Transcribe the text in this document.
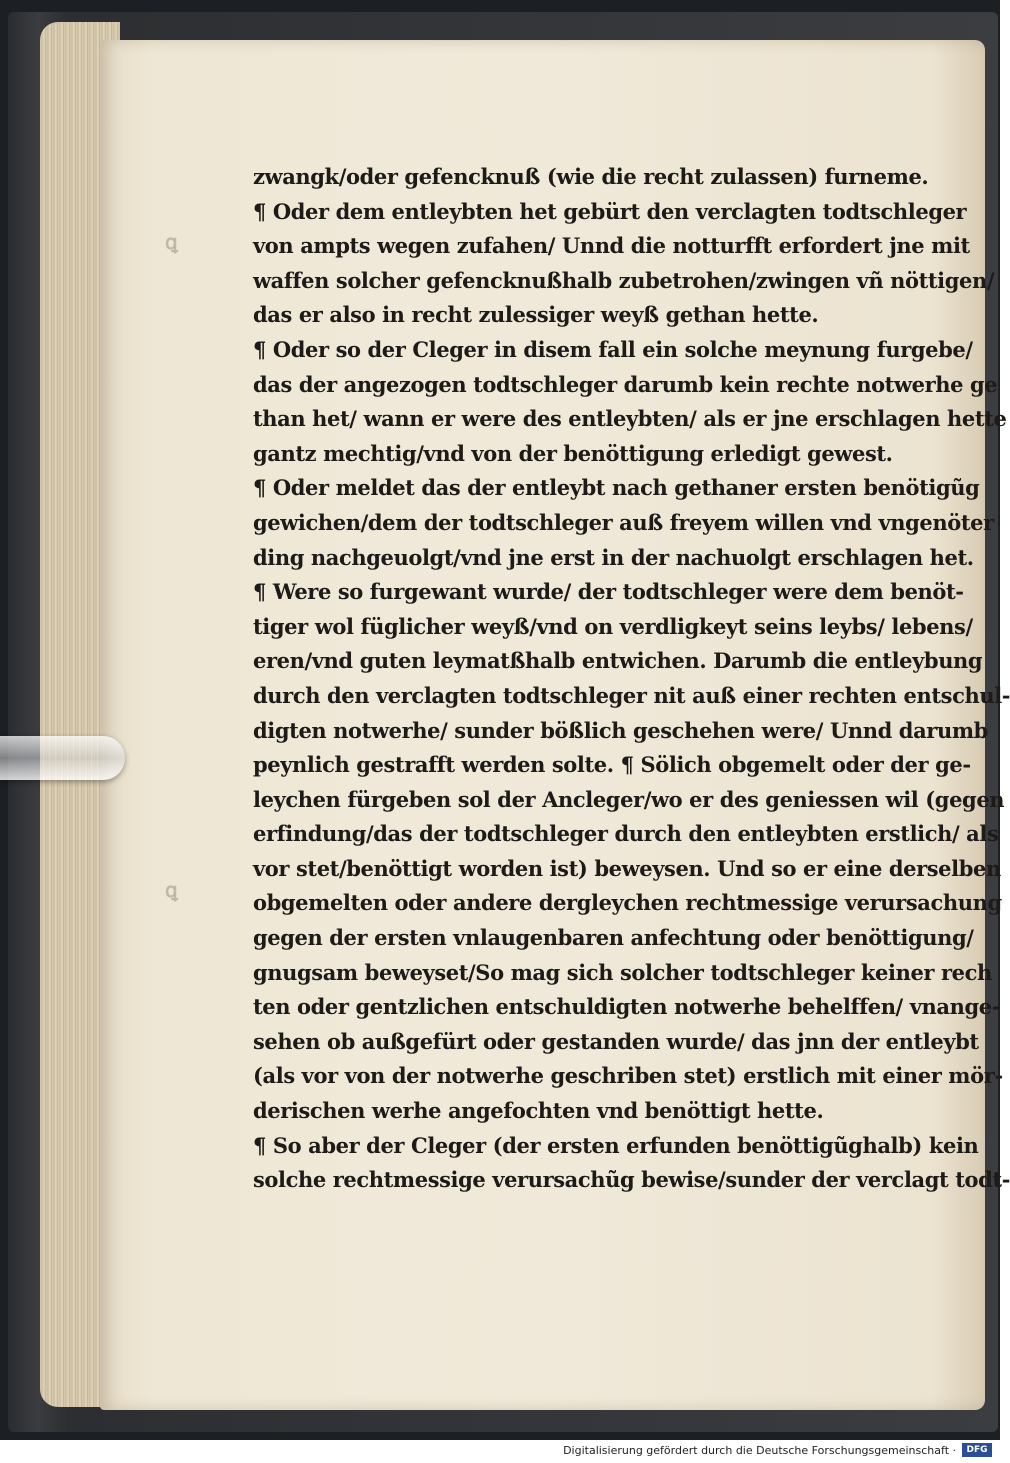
ꝗ
ꝗ
zwangk/oder gefencknuß (wie die recht zulassen) furneme.
¶ Oder dem entleybten het gebürt den verclagten todtschleger
von ampts wegen zufahen/ Unnd die notturfft erfordert jne mit
waffen solcher gefencknußhalb zubetrohen/zwingen vñ nöttigen/
das er also in recht zulessiger weyß gethan hette.
¶ Oder so der Cleger in disem fall ein solche meynung furgebe/
das der angezogen todtschleger darumb kein rechte notwerhe ge
than het/ wann er were des entleybten/ als er jne erschlagen hette
gantz mechtig/vnd von der benöttigung erledigt gewest.
¶ Oder meldet das der entleybt nach gethaner ersten benötigũg
gewichen/dem der todtschleger auß freyem willen vnd vngenöter
ding nachgeuolgt/vnd jne erst in der nachuolgt erschlagen het.
¶ Were so furgewant wurde/ der todtschleger were dem benöt-
tiger wol füglicher weyß/vnd on verdligkeyt seins leybs/ lebens/
eren/vnd guten leymatßhalb entwichen. Darumb die entleybung
durch den verclagten todtschleger nit auß einer rechten entschul-
digten notwerhe/ sunder bößlich geschehen were/ Unnd darumb
peynlich gestrafft werden solte. ¶ Sölich obgemelt oder der ge-
leychen fürgeben sol der Ancleger/wo er des geniessen wil (gegen
erfindung/das der todtschleger durch den entleybten erstlich/ als
vor stet/benöttigt worden ist) beweysen. Und so er eine derselben
obgemelten oder andere dergleychen rechtmessige verursachung
gegen der ersten vnlaugenbaren anfechtung oder benöttigung/
gnugsam beweyset/So mag sich solcher todtschleger keiner rech
ten oder gentzlichen entschuldigten notwerhe behelffen/ vnange-
sehen ob außgefürt oder gestanden wurde/ das jnn der entleybt
(als vor von der notwerhe geschriben stet) erstlich mit einer mör-
derischen werhe angefochten vnd benöttigt hette.
¶ So aber der Cleger (der ersten erfunden benöttigũghalb) kein
solche rechtmessige verursachũg bewise/sunder der verclagt todt-
Digitalisierung gefördert durch die Deutsche Forschungsgemeinschaft ·	DFG
